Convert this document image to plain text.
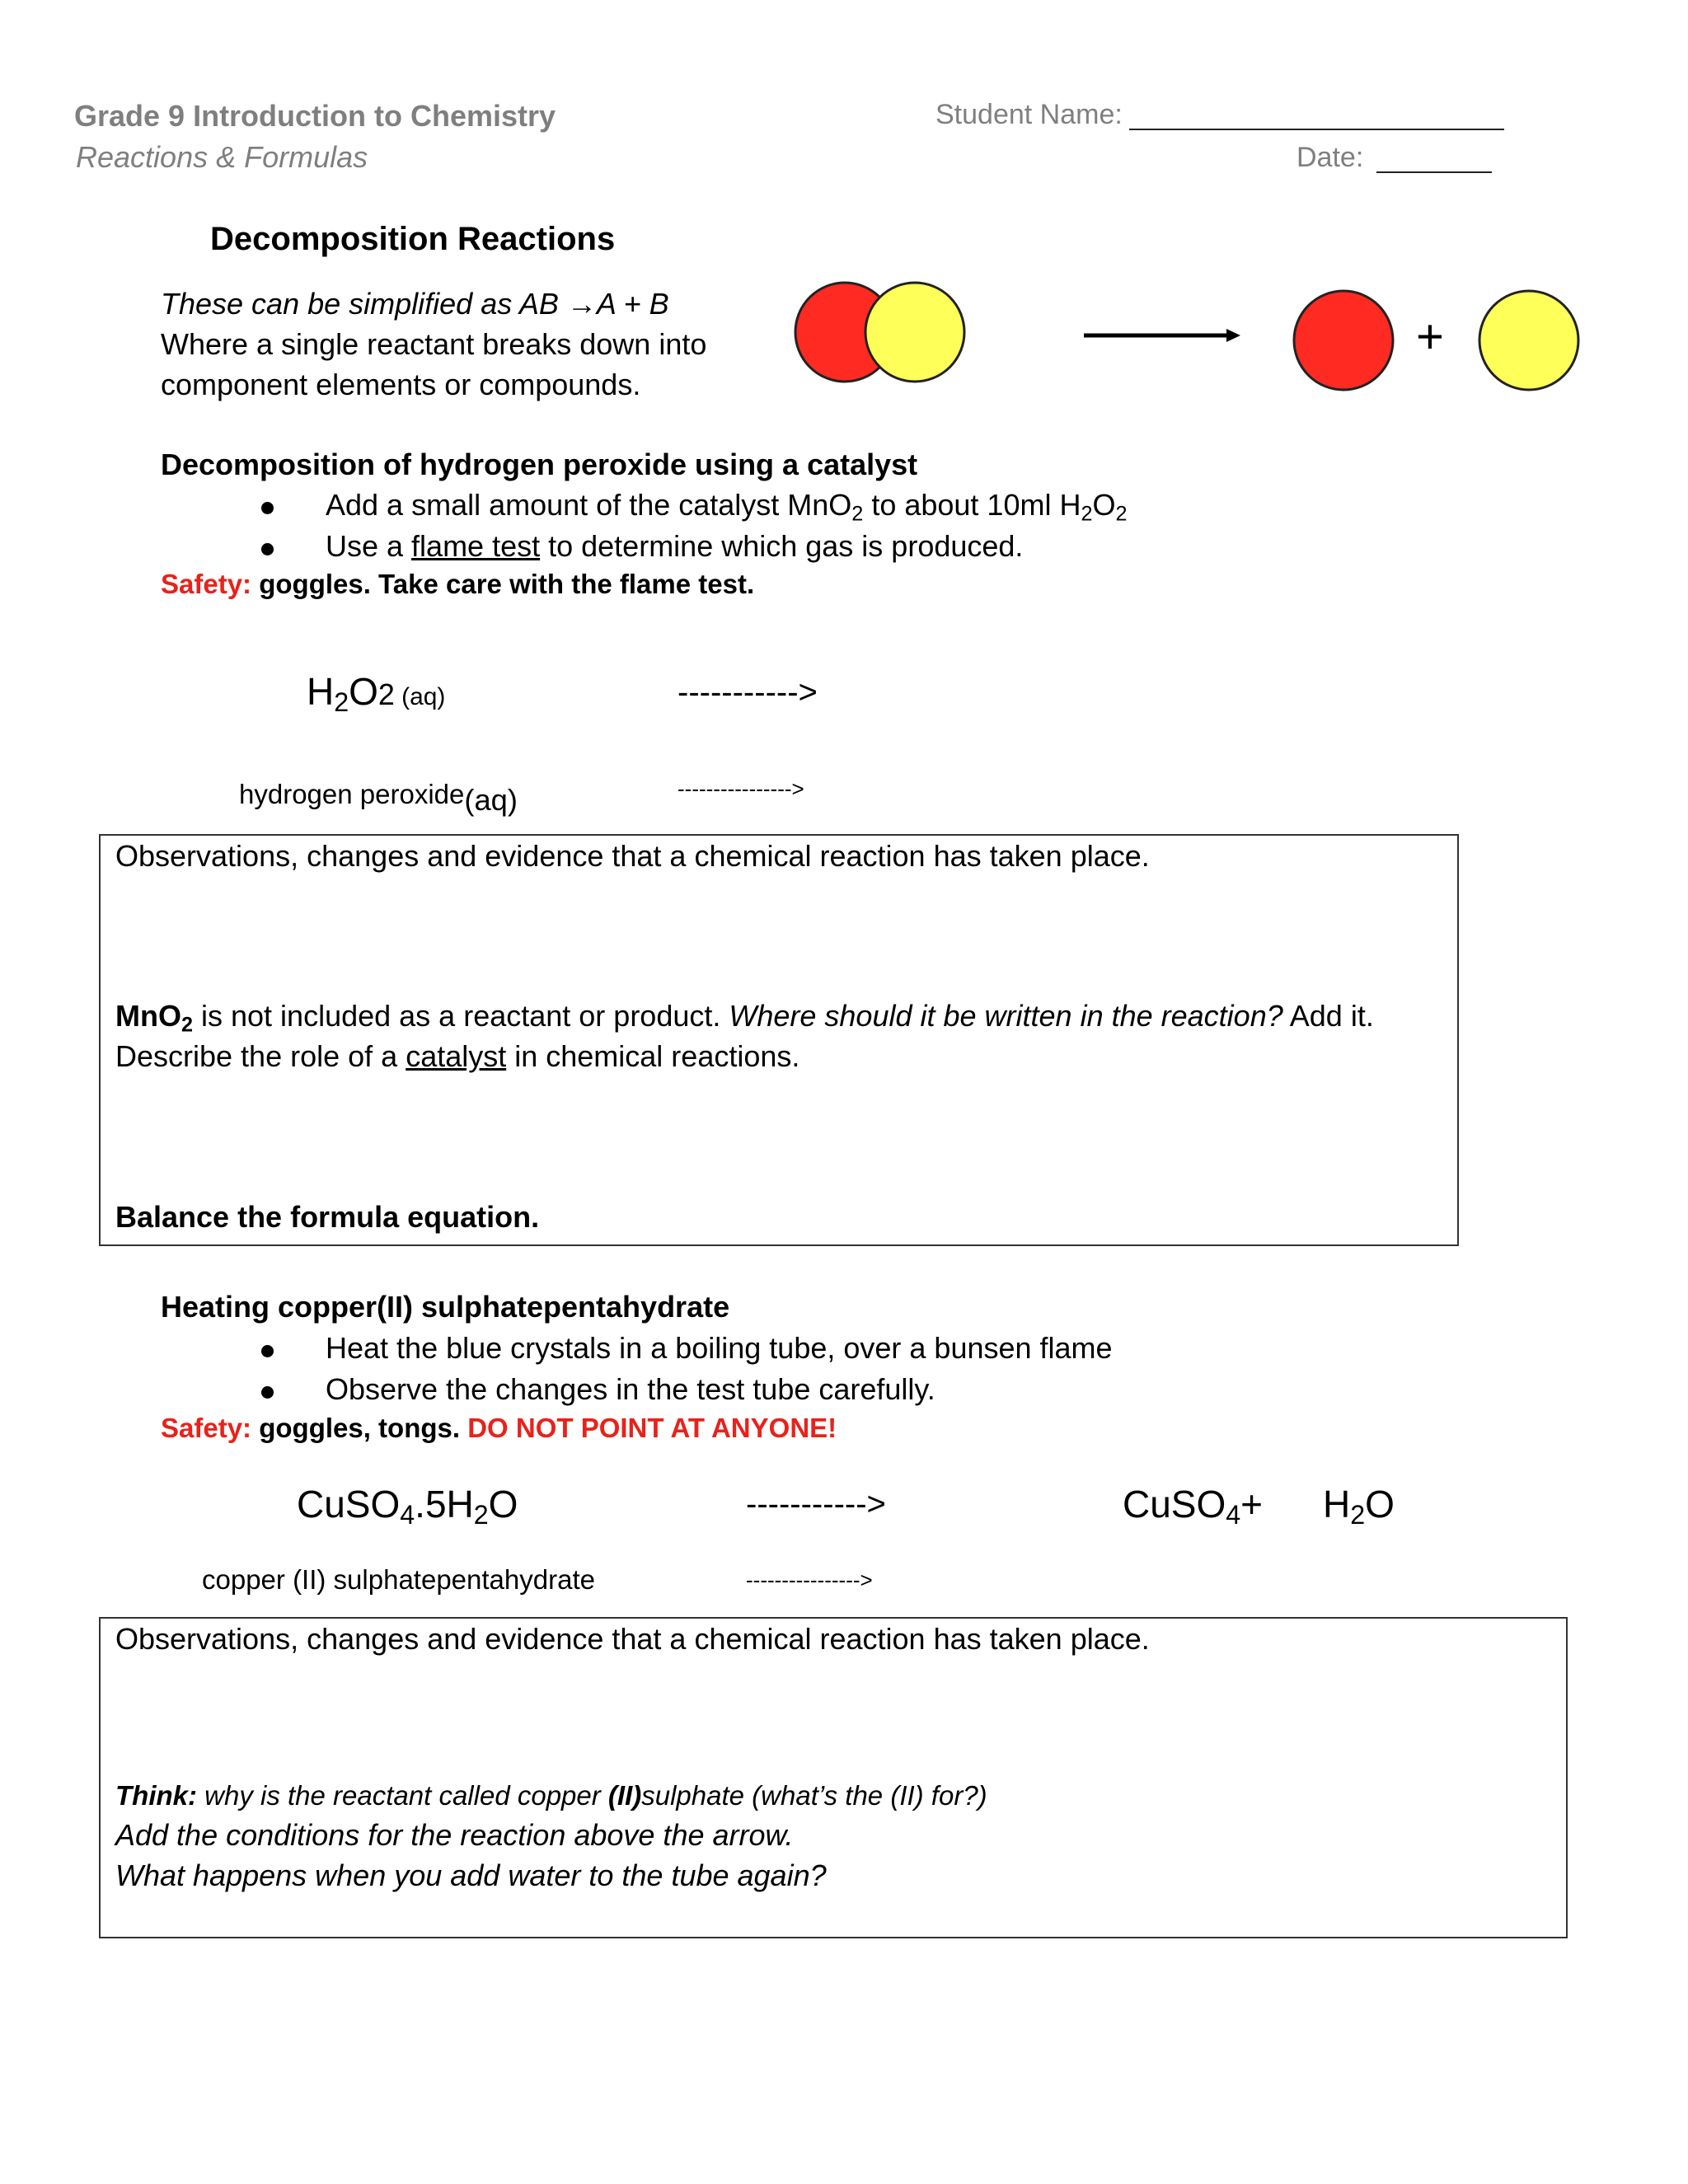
Grade 9 Introduction to Chemistry
Reactions & Formulas
Student Name:
Date:
Decomposition Reactions
These can be simplified as AB →A + B
Where a single reactant breaks down into
component elements or compounds.
+
Decomposition of hydrogen peroxide using a catalyst
Add a small amount of the catalyst MnO$_2$ to about 10ml $H_2O_2$
Use a flame test to determine which gas is produced.
Safety: goggles. Take care with the flame test.
$H_2O2$ (aq)	----------->
hydrogen peroxide(aq)	---------------->
Observations, changes and evidence that a chemical reaction has taken place.
MnO$_2$ is not included as a reactant or product. Where should it be written in the reaction? Add it.
Describe the role of a catalyst in chemical reactions.
Balance the formula equation.
Heating copper(II) sulphatepentahydrate
Heat the blue crystals in a boiling tube, over a bunsen flame
Observe the changes in the test tube carefully.
Safety: goggles, tongs. DO NOT POINT AT ANYONE!
$CuSO_4.5H_2O$	----------->	CuSO$_4$+ $H_2O$
copper (II) sulphatepentahydrate	---------------->
Observations, changes and evidence that a chemical reaction has taken place.
Think: why is the reactant called copper (II)sulphate (what’s the (II) for?)
Add the conditions for the reaction above the arrow.
What happens when you add water to the tube again?
